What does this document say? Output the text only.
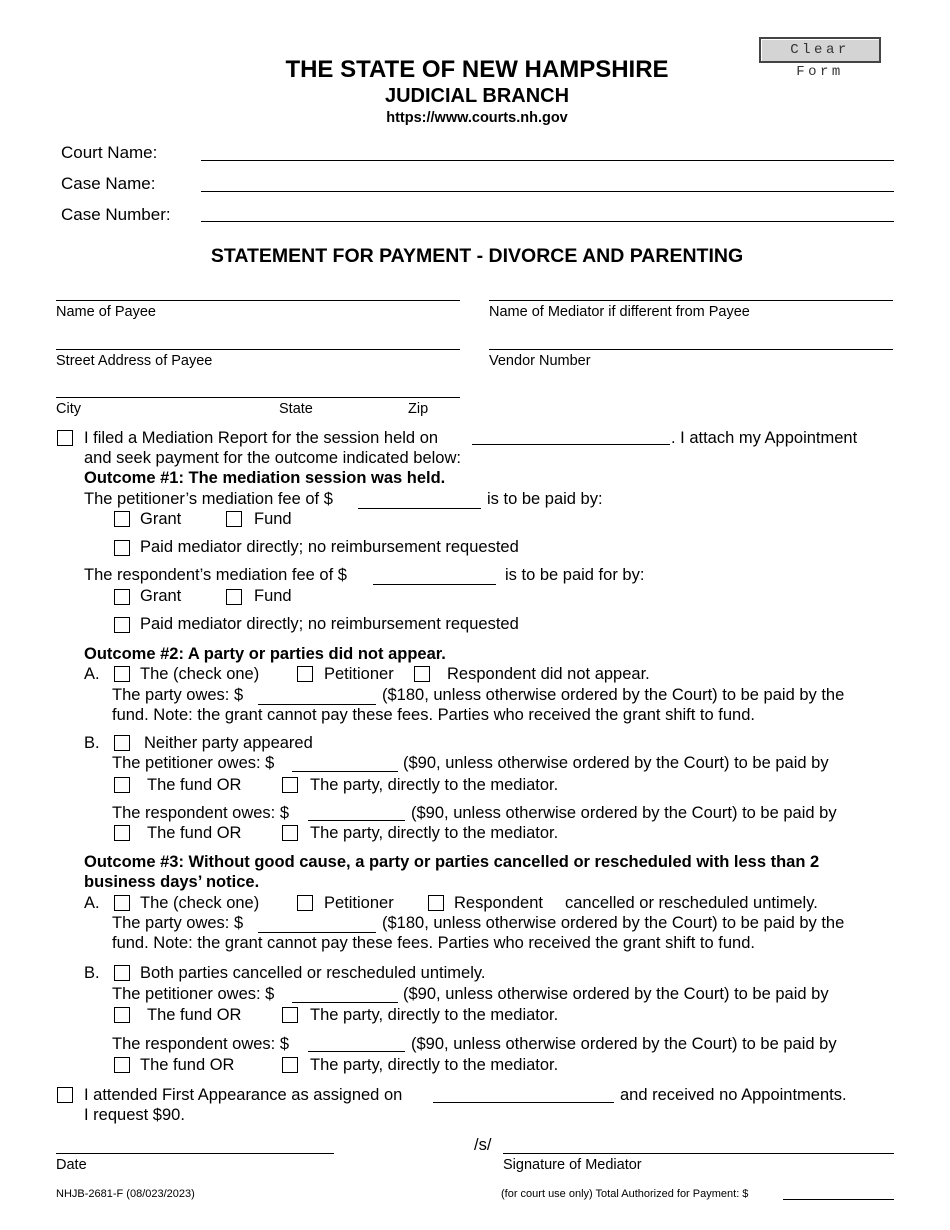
Clear Form
THE STATE OF NEW HAMPSHIRE
JUDICIAL BRANCH
https://www.courts.nh.gov
Court Name:
Case Name:
Case Number:
STATEMENT FOR PAYMENT - DIVORCE AND PARENTING
Name of Payee	Name of Mediator if different from Payee
Street Address of Payee	Vendor Number
City	State	Zip
I filed a Mediation Report for the session held on	. I attach my Appointment
and seek payment for the outcome indicated below:
Outcome #1: The mediation session was held.
The petitioner’s mediation fee of $	is to be paid by:
Grant	Fund
Paid mediator directly; no reimbursement requested
The respondent’s mediation fee of $	is to be paid for by:
Grant	Fund
Paid mediator directly; no reimbursement requested
Outcome #2: A party or parties did not appear.
A. The (check one)	Petitioner	Respondent did not appear.
The party owes: $	($180, unless otherwise ordered by the Court) to be paid by the
fund. Note: the grant cannot pay these fees. Parties who received the grant shift to fund.
B.	Neither party appeared
The petitioner owes: $	($90, unless otherwise ordered by the Court) to be paid by
The fund OR	The party, directly to the mediator.
The respondent owes: $	($90, unless otherwise ordered by the Court) to be paid by
The fund OR	The party, directly to the mediator.
Outcome #3: Without good cause, a party or parties cancelled or rescheduled with less than 2
business days’ notice.
A. The (check one)	Petitioner	Respondent cancelled or rescheduled untimely.
The party owes: $	($180, unless otherwise ordered by the Court) to be paid by the
fund. Note: the grant cannot pay these fees. Parties who received the grant shift to fund.
B. Both parties cancelled or rescheduled untimely.
The petitioner owes: $	($90, unless otherwise ordered by the Court) to be paid by
The fund OR	The party, directly to the mediator.
The respondent owes: $	($90, unless otherwise ordered by the Court) to be paid by
The fund OR	The party, directly to the mediator.
I attended First Appearance as assigned on	and received no Appointments.
I request $90.
/s/
Date	Signature of Mediator
NHJB-2681-F (08/023/2023)	(for court use only) Total Authorized for Payment: $
